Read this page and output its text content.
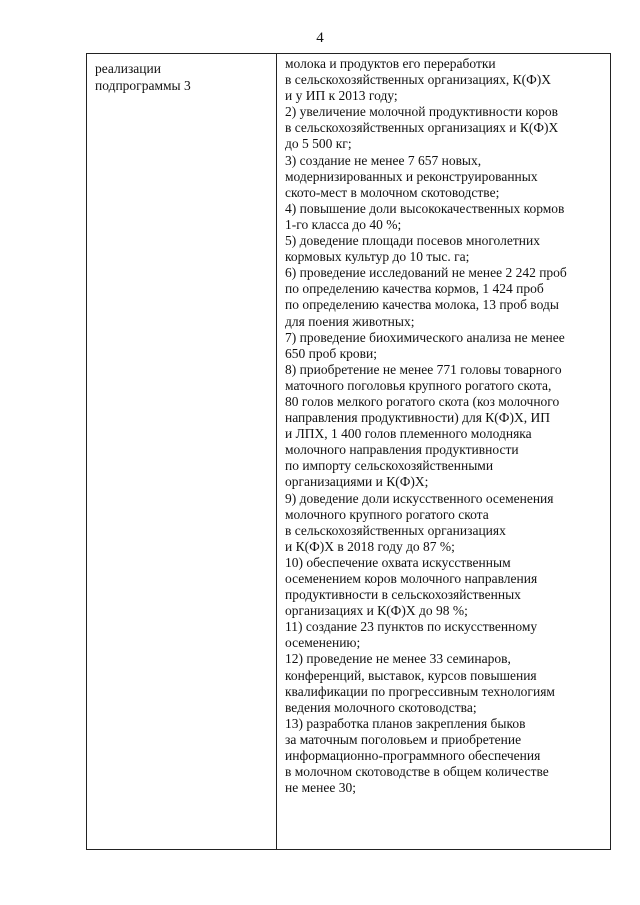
4
реализации
подпрограммы 3
молока и продуктов его переработки
в сельскохозяйственных организациях, К(Ф)Х
и у ИП к 2013 году;
2) увеличение молочной продуктивности коров
в сельскохозяйственных организациях и К(Ф)Х
до 5 500 кг;
3) создание не менее 7 657 новых,
модернизированных и реконструированных
ското-мест в молочном скотоводстве;
4) повышение доли высококачественных кормов
1-го класса до 40 %;
5) доведение площади посевов многолетних
кормовых культур до 10 тыс. га;
6) проведение исследований не менее 2 242 проб
по определению качества кормов, 1 424 проб
по определению качества молока, 13 проб воды
для поения животных;
7) проведение биохимического анализа не менее
650 проб крови;
8) приобретение не менее 771 головы товарного
маточного поголовья крупного рогатого скота,
80 голов мелкого рогатого скота (коз молочного
направления продуктивности) для К(Ф)Х, ИП
и ЛПХ, 1 400 голов племенного молодняка
молочного направления продуктивности
по импорту сельскохозяйственными
организациями и К(Ф)Х;
9) доведение доли искусственного осеменения
молочного крупного рогатого скота
в сельскохозяйственных организациях
и К(Ф)Х в 2018 году до 87 %;
10) обеспечение охвата искусственным
осеменением коров молочного направления
продуктивности в сельскохозяйственных
организациях и К(Ф)Х до 98 %;
11) создание 23 пунктов по искусственному
осеменению;
12) проведение не менее 33 семинаров,
конференций, выставок, курсов повышения
квалификации по прогрессивным технологиям
ведения молочного скотоводства;
13) разработка планов закрепления быков
за маточным поголовьем и приобретение
информационно-программного обеспечения
в молочном скотоводстве в общем количестве
не менее 30;
